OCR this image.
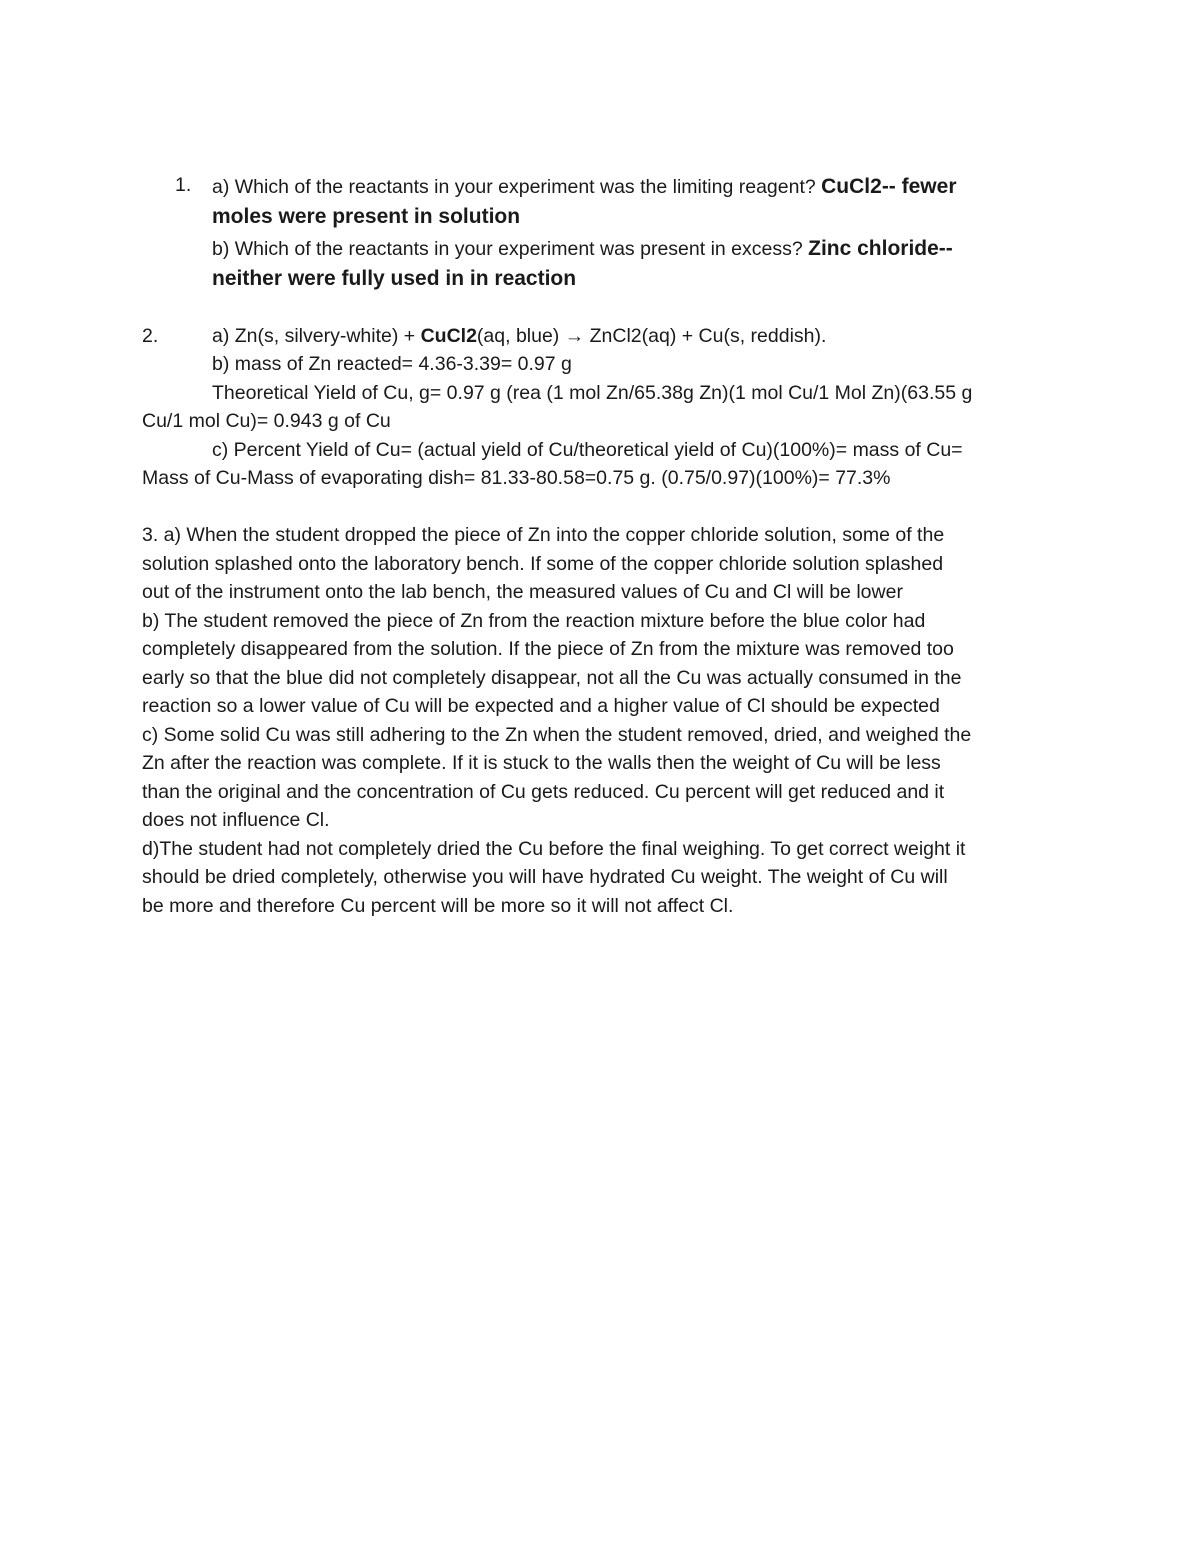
1. a) Which of the reactants in your experiment was the limiting reagent? CuCl2-- fewer
moles were present in solution
b) Which of the reactants in your experiment was present in excess? Zinc chloride--
neither were fully used in in reaction
2.	a) Zn(s, silvery-white) + CuCl2(aq, blue) → ZnCl2(aq) + Cu(s, reddish).
b) mass of Zn reacted= 4.36-3.39= 0.97 g
Theoretical Yield of Cu, g= 0.97 g (rea (1 mol Zn/65.38g Zn)(1 mol Cu/1 Mol Zn)(63.55 g
Cu/1 mol Cu)= 0.943 g of Cu
c) Percent Yield of Cu= (actual yield of Cu/theoretical yield of Cu)(100%)= mass of Cu=
Mass of Cu-Mass of evaporating dish= 81.33-80.58=0.75 g. (0.75/0.97)(100%)= 77.3%
3. a) When the student dropped the piece of Zn into the copper chloride solution, some of the
solution splashed onto the laboratory bench. If some of the copper chloride solution splashed
out of the instrument onto the lab bench, the measured values of Cu and Cl will be lower
b) The student removed the piece of Zn from the reaction mixture before the blue color had
completely disappeared from the solution. If the piece of Zn from the mixture was removed too
early so that the blue did not completely disappear, not all the Cu was actually consumed in the
reaction so a lower value of Cu will be expected and a higher value of Cl should be expected
c) Some solid Cu was still adhering to the Zn when the student removed, dried, and weighed the
Zn after the reaction was complete. If it is stuck to the walls then the weight of Cu will be less
than the original and the concentration of Cu gets reduced. Cu percent will get reduced and it
does not influence Cl.
d)The student had not completely dried the Cu before the final weighing. To get correct weight it
should be dried completely, otherwise you will have hydrated Cu weight. The weight of Cu will
be more and therefore Cu percent will be more so it will not affect Cl.
